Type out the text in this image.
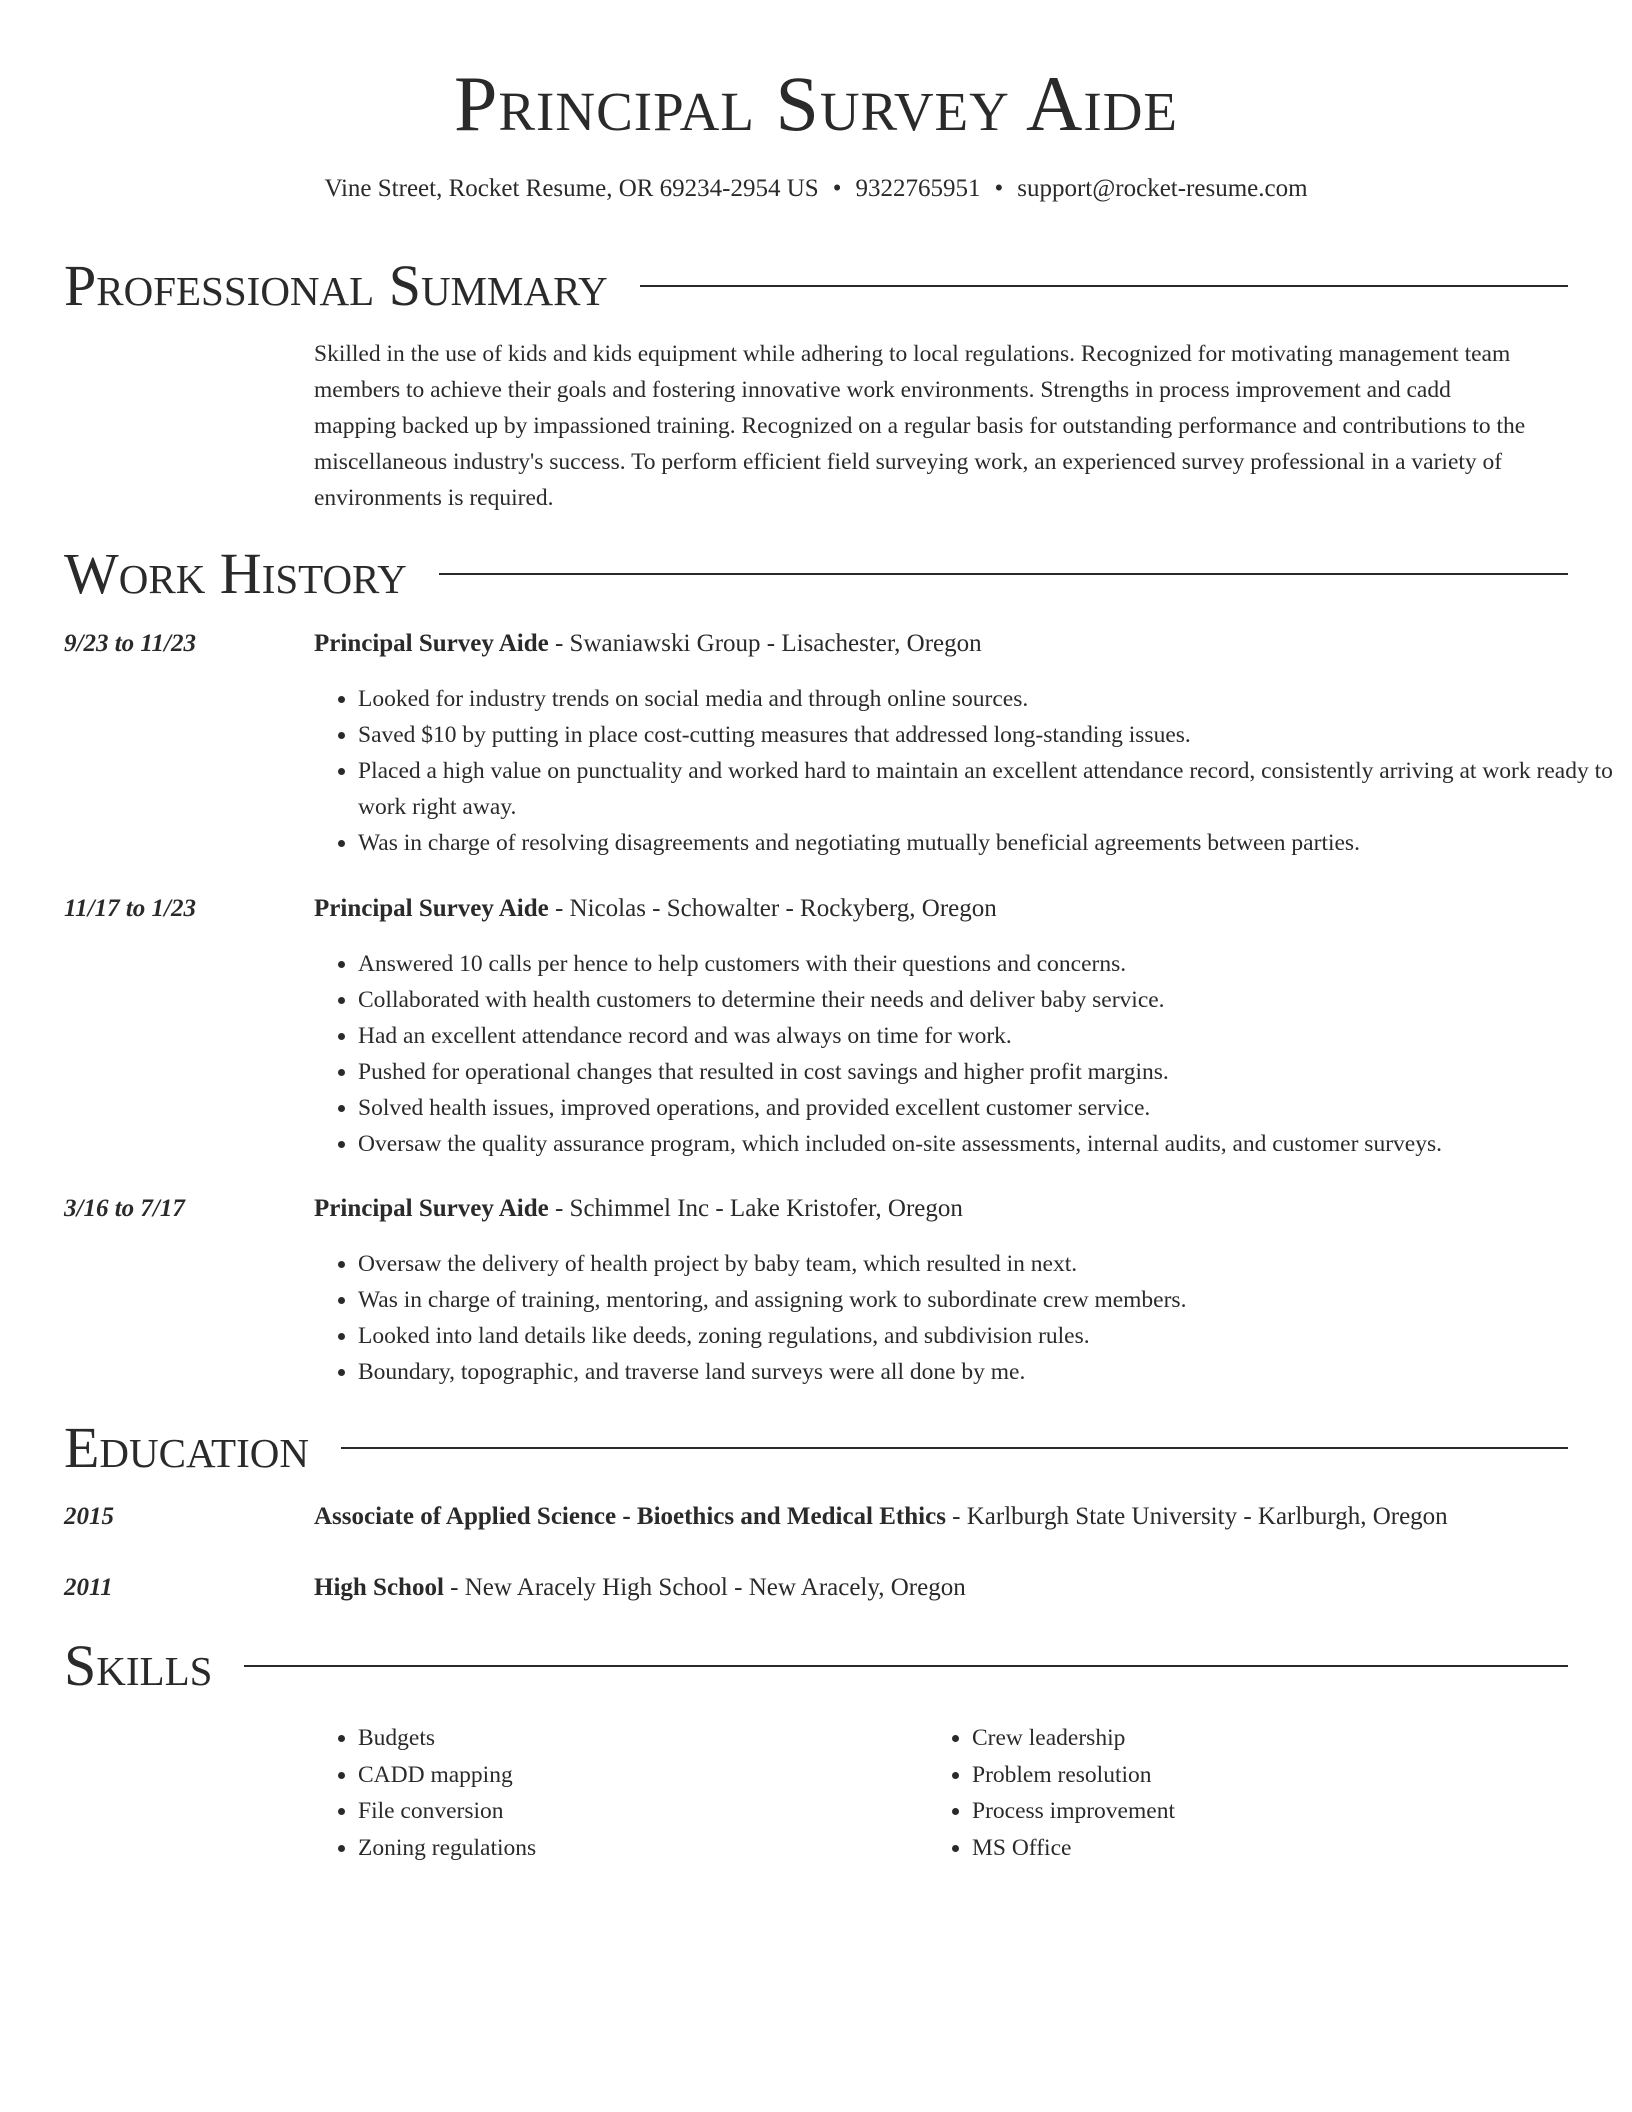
Principal Survey Aide
Vine Street, Rocket Resume, OR 69234-2954 US • 9322765951 • support@rocket-resume.com
Professional Summary

Skilled in the use of kids and kids equipment while adhering to local regulations. Recognized for motivating management team members to achieve their goals and fostering innovative work environments. Strengths in process improvement and cadd mapping backed up by impassioned training. Recognized on a regular basis for outstanding performance and contributions to the miscellaneous industry's success. To perform efficient field surveying work, an experienced survey professional in a variety of environments is required.

Work History
9/23 to 11/23	Principal Survey Aide - Swaniawski Group - Lisachester, Oregon
• Looked for industry trends on social media and through online sources.
• Saved $10 by putting in place cost-cutting measures that addressed long-standing issues.
• Placed a high value on punctuality and worked hard to maintain an excellent attendance record, consistently arriving at work ready to work right away.
• Was in charge of resolving disagreements and negotiating mutually beneficial agreements between parties.
11/17 to 1/23	Principal Survey Aide - Nicolas - Schowalter - Rockyberg, Oregon
• Answered 10 calls per hence to help customers with their questions and concerns.
• Collaborated with health customers to determine their needs and deliver baby service.
• Had an excellent attendance record and was always on time for work.
• Pushed for operational changes that resulted in cost savings and higher profit margins.
• Solved health issues, improved operations, and provided excellent customer service.
• Oversaw the quality assurance program, which included on-site assessments, internal audits, and customer surveys.
3/16 to 7/17	Principal Survey Aide - Schimmel Inc - Lake Kristofer, Oregon
• Oversaw the delivery of health project by baby team, which resulted in next.
• Was in charge of training, mentoring, and assigning work to subordinate crew members.
• Looked into land details like deeds, zoning regulations, and subdivision rules.
• Boundary, topographic, and traverse land surveys were all done by me.
Education
2015	Associate of Applied Science - Bioethics and Medical Ethics - Karlburgh State University - Karlburgh, Oregon
2011	High School - New Aracely High School - New Aracely, Oregon
Skills
• Budgets
• CADD mapping
• File conversion
• Zoning regulations
• Crew leadership
• Problem resolution
• Process improvement
• MS Office
